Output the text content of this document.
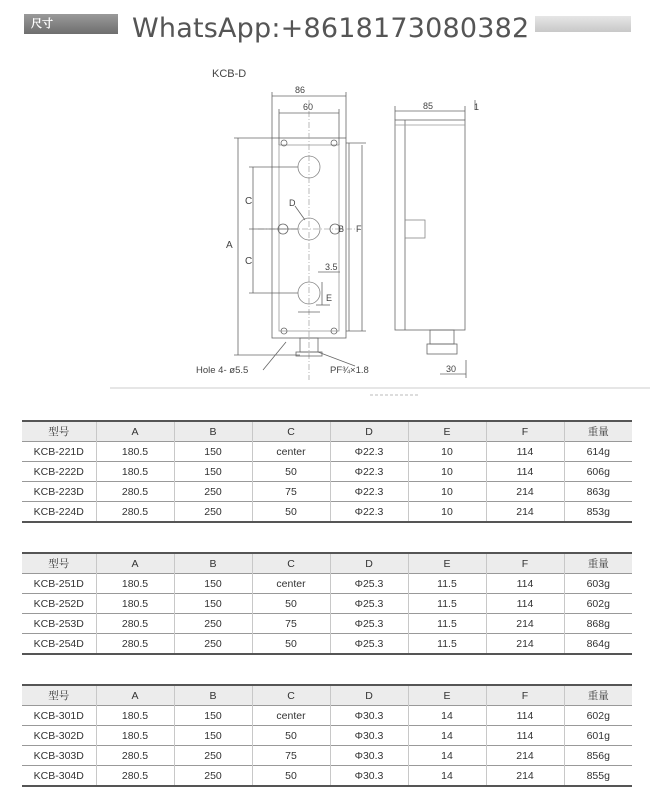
尺寸	WhatsApp:+8618173080382
KCB-D
86
60	85	1
A
C
C
B F
D
E
3.5
30
Hole 4- ø5.5	PF¾×1.8
型号	A	B	C	D	E	F	重量
KCB-221D	180.5	150	center	Φ22.3	10	114	614g
KCB-222D	180.5	150	50	Φ22.3	10	114	606g
KCB-223D	280.5	250	75	Φ22.3	10	214	863g
KCB-224D	280.5	250	50	Φ22.3	10	214	853g
型号	A	B	C	D	E	F	重量
KCB-251D	180.5	150	center	Φ25.3	11.5	114	603g
KCB-252D	180.5	150	50	Φ25.3	11.5	114	602g
KCB-253D	280.5	250	75	Φ25.3	11.5	214	868g
KCB-254D	280.5	250	50	Φ25.3	11.5	214	864g
型号	A	B	C	D	E	F	重量
KCB-301D	180.5	150	center	Φ30.3	14	114	602g
KCB-302D	180.5	150	50	Φ30.3	14	114	601g
KCB-303D	280.5	250	75	Φ30.3	14	214	856g
KCB-304D	280.5	250	50	Φ30.3	14	214	855g
